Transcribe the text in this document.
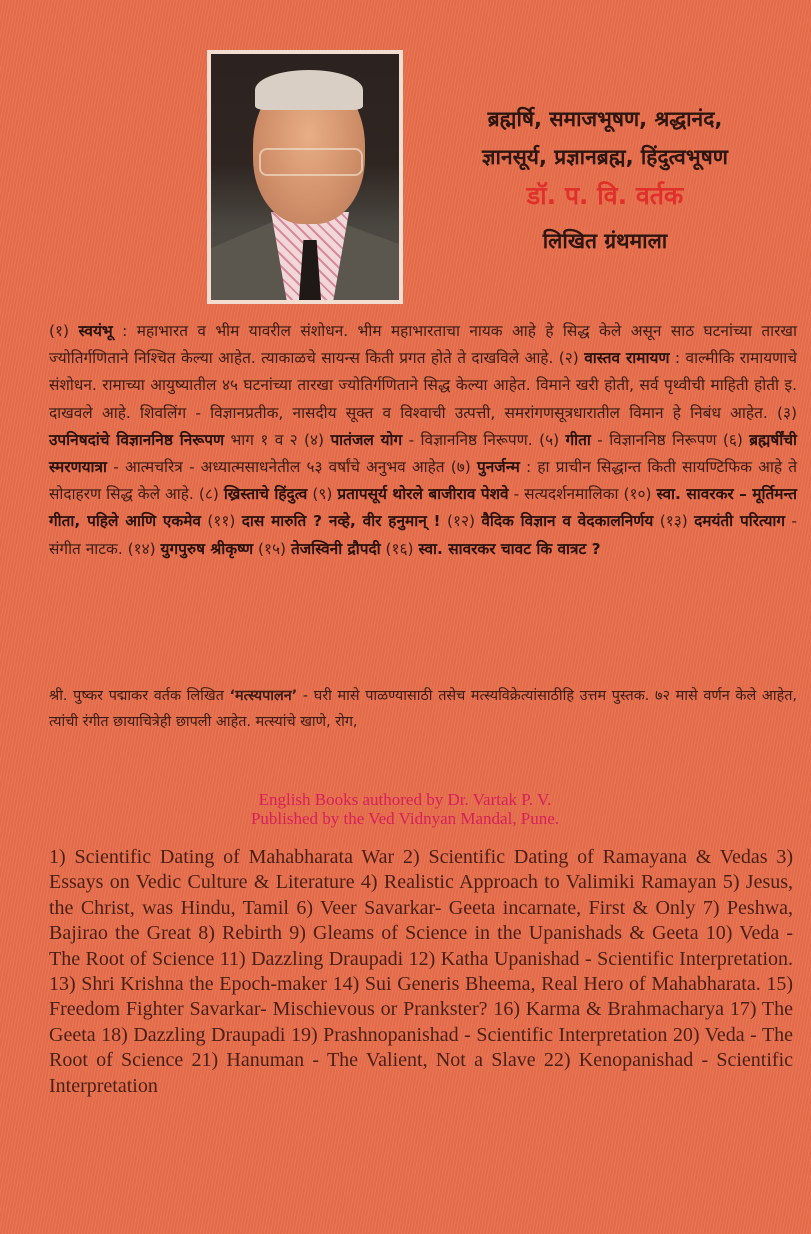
ब्रह्मर्षि, समाजभूषण, श्रद्धानंद,
ज्ञानसूर्य, प्रज्ञानब्रह्म, हिंदुत्वभूषण
डॉ. प. वि. वर्तक
लिखित ग्रंथमाला
(१) स्वयंभू : महाभारत व भीम यावरील संशोधन. भीम महाभारताचा नायक आहे हे सिद्ध केले असून साठ घटनांच्या तारखा ज्योतिर्गणिताने निश्चित केल्या आहेत. त्याकाळचे सायन्स किती प्रगत होते ते दाखविले आहे. (२) वास्तव रामायण : वाल्मीकि रामायणाचे संशोधन. रामाच्या आयुष्यातील ४५ घटनांच्या तारखा ज्योतिर्गणिताने सिद्ध केल्या आहेत. विमाने खरी होती, सर्व पृथ्वीची माहिती होती इ. दाखवले आहे. शिवलिंग - विज्ञानप्रतीक, नासदीय सूक्त व विश्वाची उत्पत्ती, समरांगणसूत्रधारातील विमान हे निबंध आहेत. (३) उपनिषदांचे विज्ञाननिष्ठ निरूपण भाग १ व २ (४) पातंजल योग - विज्ञाननिष्ठ निरूपण. (५) गीता - विज्ञाननिष्ठ निरूपण (६) ब्रह्मर्षींची स्मरणयात्रा - आत्मचरित्र - अध्यात्मसाधनेतील ५३ वर्षांचे अनुभव आहेत (७) पुनर्जन्म : हा प्राचीन सिद्धान्त किती सायण्टिफिक आहे ते सोदाहरण सिद्ध केले आहे. (८) ख्रिस्ताचे हिंदुत्व (९) प्रतापसूर्य थोरले बाजीराव पेशवे - सत्यदर्शनमालिका (१०) स्वा. सावरकर – मूर्तिमन्त गीता, पहिले आणि एकमेव (११) दास मारुति ? नव्हे, वीर हनुमान् ! (१२) वैदिक विज्ञान व वेदकालनिर्णय (१३) दमयंती परित्याग - संगीत नाटक. (१४) युगपुरुष श्रीकृष्ण (१५) तेजस्विनी द्रौपदी (१६) स्वा. सावरकर चावट कि वात्रट ?
श्री. पुष्कर पद्माकर वर्तक लिखित ‘मत्स्यपालन’ - घरी मासे पाळण्यासाठी तसेच मत्स्यविक्रेत्यांसाठीहि उत्तम पुस्तक. ७२ मासे वर्णन केले आहेत, त्यांची रंगीत छायाचित्रेही छापली आहेत. मत्स्यांचे खाणे, रोग,
English Books authored by Dr. Vartak P. V.
Published by the Ved Vidnyan Mandal, Pune.
1) Scientific Dating of Mahabharata War 2) Scientific Dating of Ramayana & Vedas 3) Essays on Vedic Culture & Literature 4) Realistic Approach to Valimiki Ramayan 5) Jesus, the Christ, was Hindu, Tamil 6) Veer Savarkar- Geeta incarnate, First & Only 7) Peshwa, Bajirao the Great 8) Rebirth 9) Gleams of Science in the Upanishads & Geeta 10) Veda - The Root of Science 11) Dazzling Draupadi 12) Katha Upanishad - Scientific Interpretation. 13) Shri Krishna the Epoch-maker 14) Sui Generis Bheema, Real Hero of Mahabharata. 15) Freedom Fighter Savarkar- Mischievous or Prankster? 16) Karma & Brahmacharya 17) The Geeta 18) Dazzling Draupadi 19) Prashnopanishad - Scientific Interpretation 20) Veda - The Root of Science 21) Hanuman - The Valient, Not a Slave 22) Kenopanishad - Scientific Interpretation
